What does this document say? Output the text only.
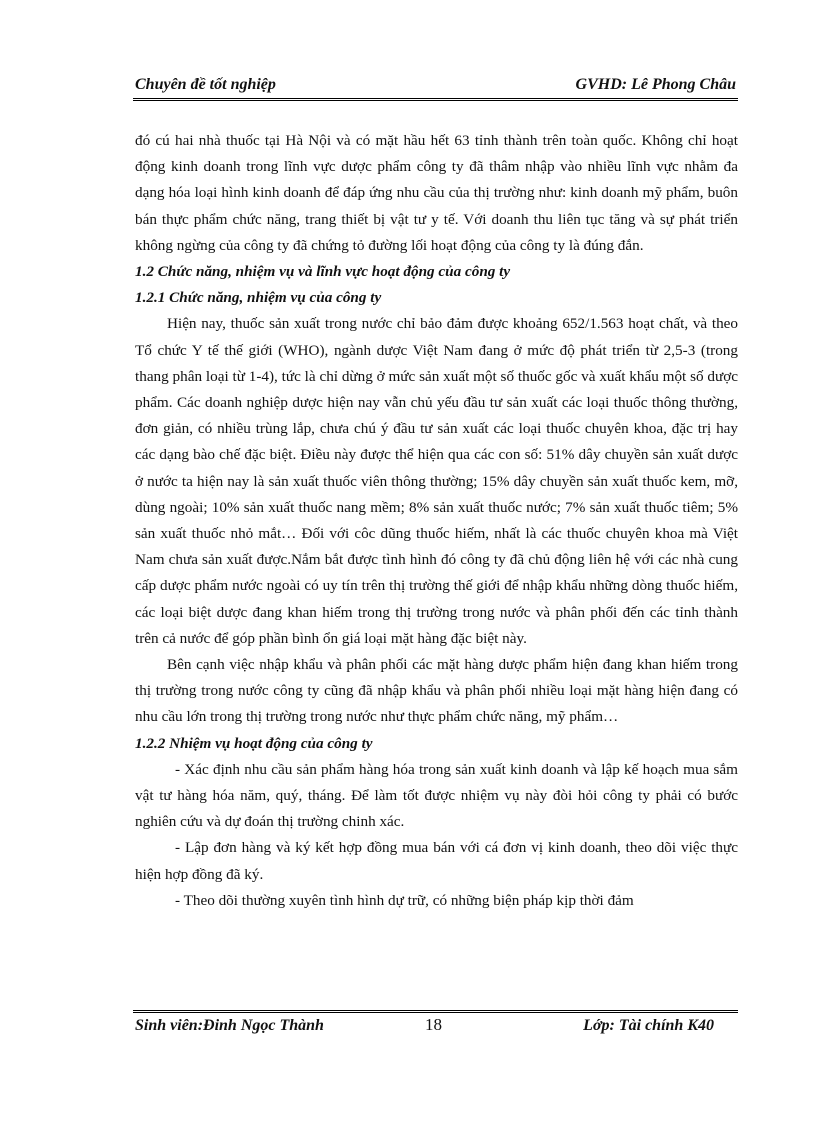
Chuyên đề tốt nghiệp	GVHD: Lê Phong Châu

đó cú hai nhà thuốc tại Hà Nội và có mặt hầu hết 63 tỉnh thành trên toàn quốc. Không chỉ hoạt động kinh doanh trong lĩnh vực dược phẩm công ty đã thâm nhập vào nhiều lĩnh vực nhằm đa dạng hóa loại hình kinh doanh để đáp ứng nhu cầu của thị trường như: kinh doanh mỹ phẩm, buôn bán thực phẩm chức năng, trang thiết bị vật tư y tế. Với doanh thu liên tục tăng và sự phát triển không ngừng của công ty đã chứng tỏ đường lối hoạt động của công ty là đúng đắn.

1.2 Chức năng, nhiệm vụ và lĩnh vực hoạt động của công ty

1.2.1 Chức năng, nhiệm vụ của công ty

Hiện nay, thuốc sản xuất trong nước chỉ bảo đảm được khoảng 652/1.563 hoạt chất, và theo Tổ chức Y tế thế giới (WHO), ngành dược Việt Nam đang ở mức độ phát triển từ 2,5-3 (trong thang phân loại từ 1-4), tức là chỉ dừng ở mức sản xuất một số thuốc gốc và xuất khẩu một số dược phẩm. Các doanh nghiệp dược hiện nay vẫn chủ yếu đầu tư sản xuất các loại thuốc thông thường, đơn giản, có nhiều trùng lắp, chưa chú ý đầu tư sản xuất các loại thuốc chuyên khoa, đặc trị hay các dạng bào chế đặc biệt. Điều này được thể hiện qua các con số: 51% dây chuyền sản xuất dược ở nước ta hiện nay là sản xuất thuốc viên thông thường; 15% dây chuyền sản xuất thuốc kem, mỡ, dùng ngoài; 10% sản xuất thuốc nang mềm; 8% sản xuất thuốc nước; 7% sản xuất thuốc tiêm; 5% sản xuất thuốc nhỏ mắt… Đối với côc dũng thuốc hiếm, nhất là các thuốc chuyên khoa mà Việt Nam chưa sản xuất được.Nắm bắt được tình hình đó công ty đã chủ động liên hệ với các nhà cung cấp dược phẩm nước ngoài có uy tín trên thị trường thế giới để nhập khẩu những dòng thuốc hiếm, các loại biệt dược đang khan hiếm trong thị trường trong nước và phân phối đến các tỉnh thành trên cả nước để góp phần bình ổn giá loại mặt hàng đặc biệt này.

Bên cạnh việc nhập khẩu và phân phối các mặt hàng dược phẩm hiện đang khan hiếm trong thị trường trong nước công ty cũng đã nhập khẩu và phân phối nhiều loại mặt hàng hiện đang có nhu cầu lớn trong thị trường trong nước như thực phẩm chức năng, mỹ phẩm…

1.2.2 Nhiệm vụ hoạt động của công ty

- Xác định nhu cầu sản phẩm hàng hóa trong sản xuất kinh doanh và lập kế hoạch mua sắm vật tư hàng hóa năm, quý, tháng. Để làm tốt được nhiệm vụ này đòi hỏi công ty phải có bước nghiên cứu và dự đoán thị trường chinh xác.

- Lập đơn hàng và ký kết hợp đồng mua bán với cá đơn vị kinh doanh, theo dõi việc thực hiện hợp đồng đã ký.

- Theo dõi thường xuyên tình hình dự trữ, có những biện pháp kịp thời đảm

Sinh viên:Đinh Ngọc Thành	18	Lớp: Tài chính K40
